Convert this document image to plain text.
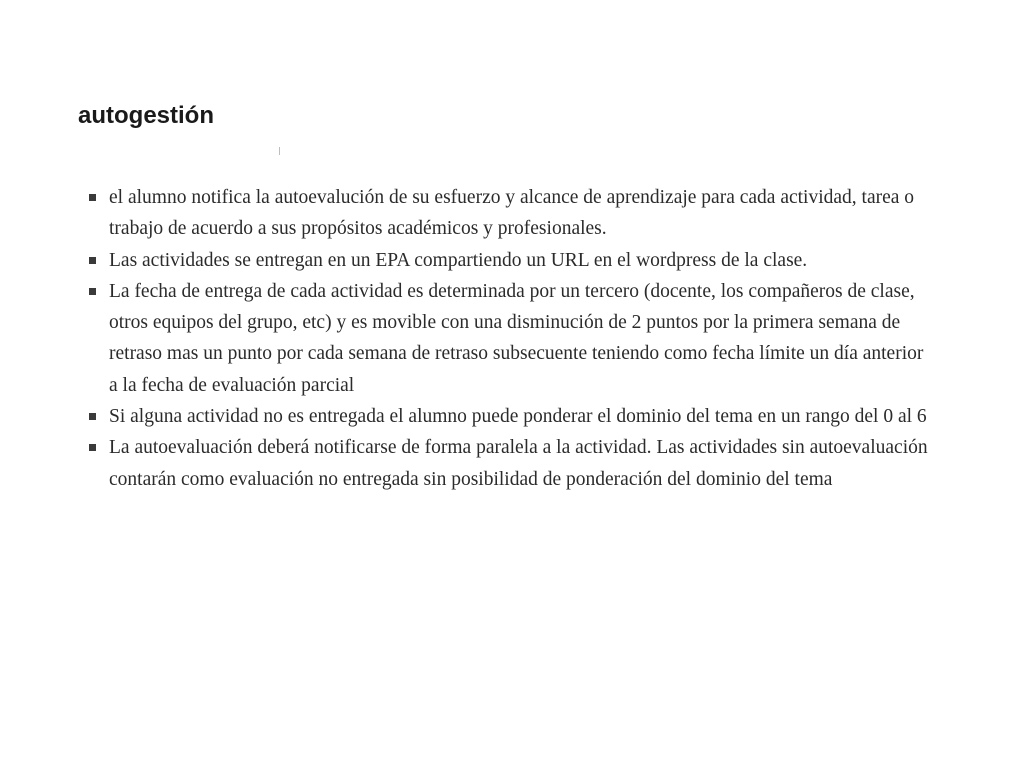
autogestión
el alumno notifica la autoevalución de su esfuerzo y alcance de aprendizaje para cada actividad, tarea o trabajo de acuerdo a sus propósitos académicos y profesionales.
Las actividades se entregan en un EPA compartiendo un URL en el wordpress de la clase.
La fecha de entrega de cada actividad es determinada por un tercero (docente, los compañeros de clase, otros equipos del grupo, etc) y es movible con una disminución de 2 puntos por la primera semana de retraso mas un punto por cada semana de retraso subsecuente teniendo como fecha límite un día anterior a la fecha de evaluación parcial
Si alguna actividad no es entregada el alumno puede ponderar el dominio del tema en un rango del 0 al 6
La autoevaluación deberá notificarse de forma paralela a la actividad. Las actividades sin autoevaluación contarán como evaluación no entregada sin posibilidad de ponderación del dominio del tema
